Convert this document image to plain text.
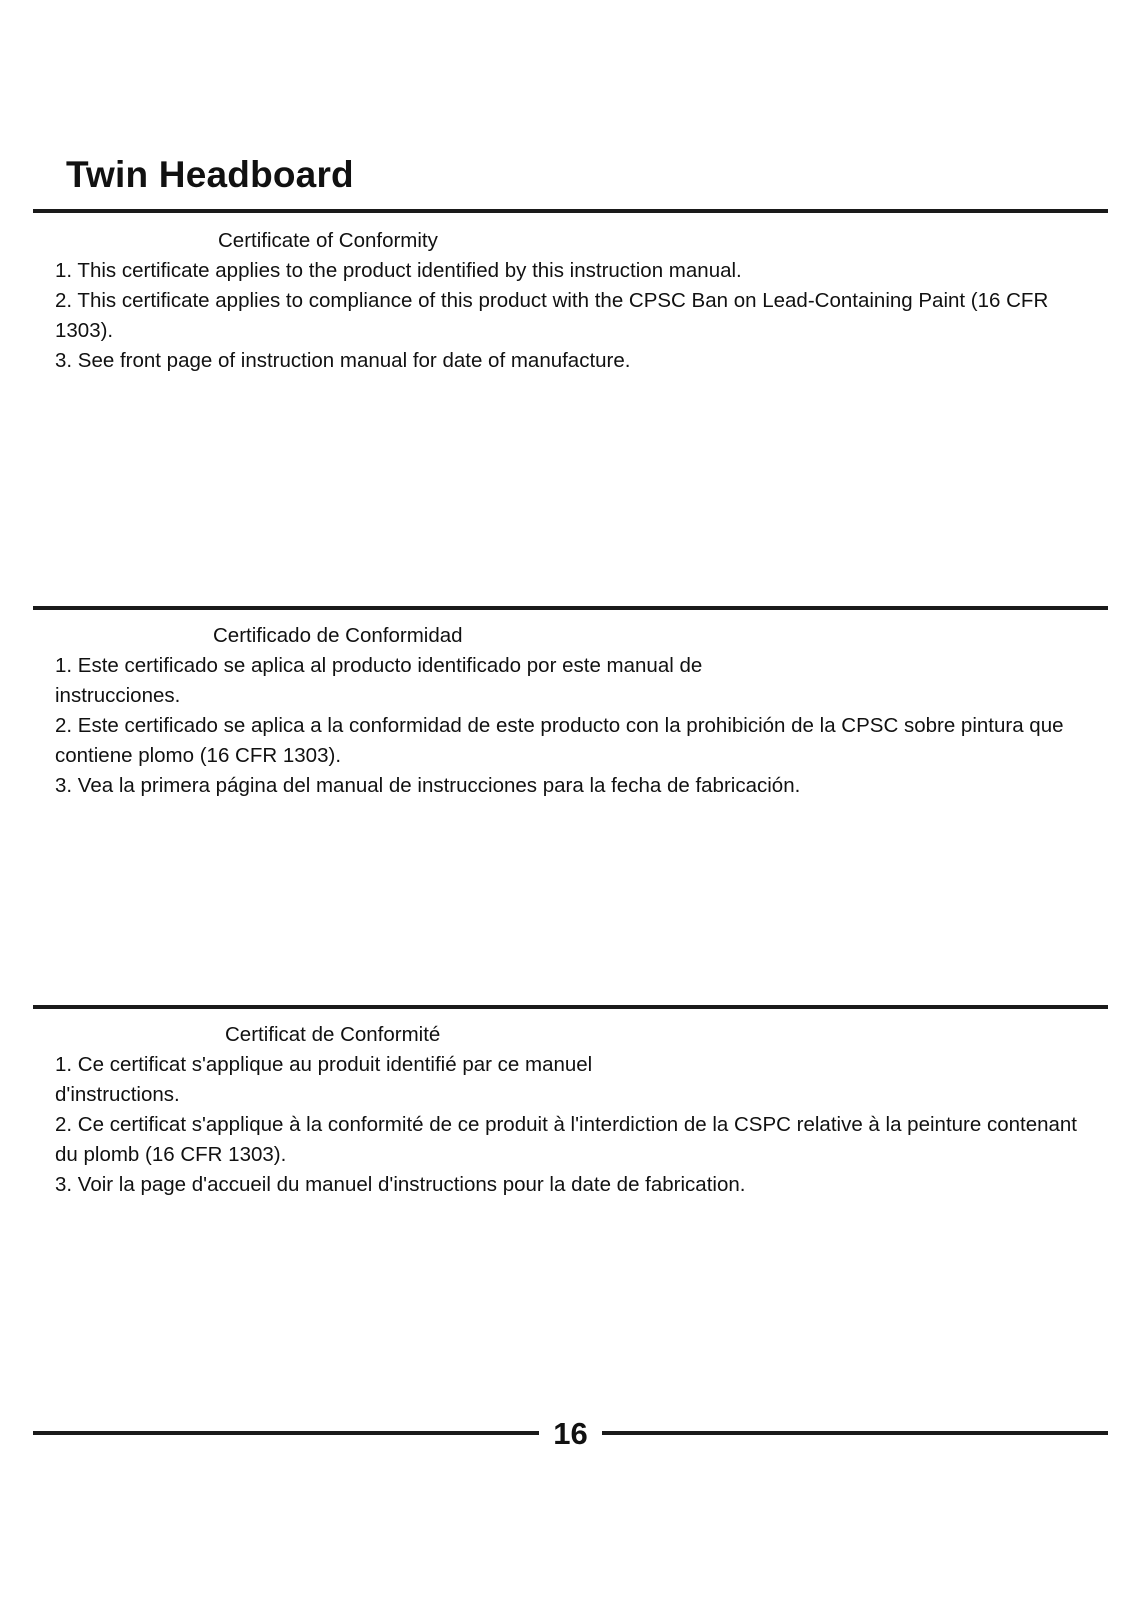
Twin Headboard
Certificate of Conformity

1. This certificate applies to the product identified by this instruction manual.

2. This certificate applies to compliance of this product with the CPSC Ban on Lead-Containing Paint (16 CFR 1303).

3. See front page of instruction manual for date of manufacture.

Certificado de Conformidad

1. Este certificado se aplica al producto identificado por este manual de instrucciones.

2. Este certificado se aplica a la conformidad de este producto con la prohibición de la CPSC sobre pintura que contiene plomo (16 CFR 1303).

3. Vea la primera página del manual de instrucciones para la fecha de fabricación.

Certificat de Conformité

1. Ce certificat s'applique au produit identifié par ce manuel d'instructions.

2. Ce certificat s'applique à la conformité de ce produit à l'interdiction de la CSPC relative à la peinture contenant du plomb (16 CFR 1303).

3. Voir la page d'accueil du manuel d'instructions pour la date de fabrication.

16
